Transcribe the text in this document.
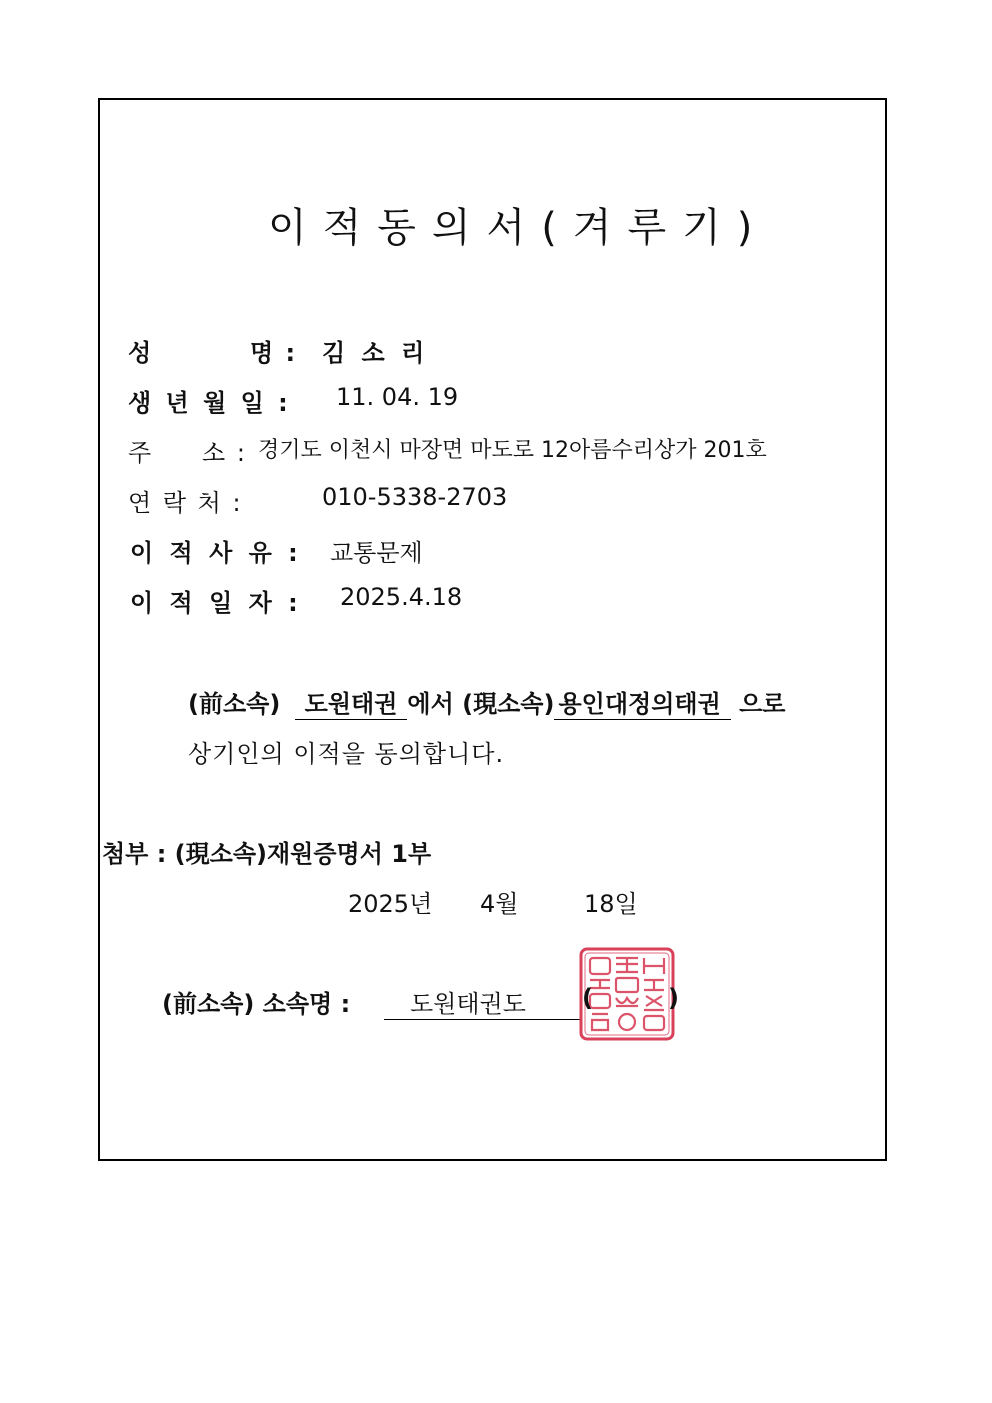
이적동의서(겨루기)
성	명 : 김 소 리
생 년 월 일 : 11. 04. 19
주 소 : 경기도 이천시 마장면 마도로 12아름수리상가 201호
연 락 처 :	010-5338-2703
이 적 사 유 : 교통문제
이 적 일 자 : 2025.4.18
(前소속) 도원태권 에서 (現소속) 용인대정의태권 으로
상기인의 이적을 동의합니다.
첨부 : (現소속)재원증명서 1부
2025년 4월	18일
(前소속) 소속명 :	도원태권도	(	)
